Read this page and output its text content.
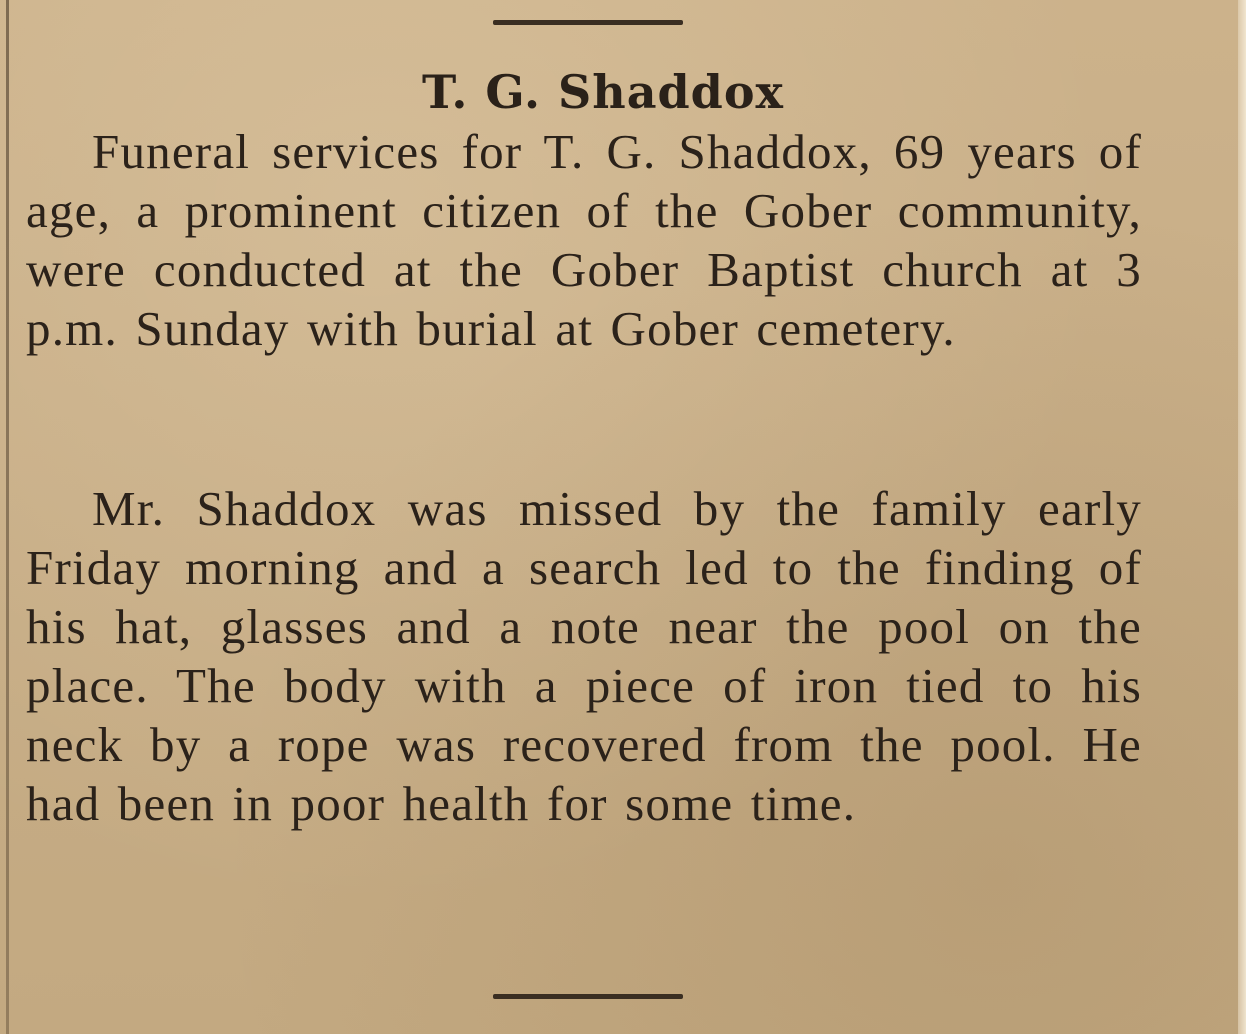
T. G. Shaddox

Funeral services for T. G. Shaddox, 69 years of age, a prominent citizen of the Gober community, were conducted at the Gober Baptist church at 3 p.m. Sunday with burial at Gober cemetery.

Mr. Shaddox was missed by the family early Friday morning and a search led to the finding of his hat, glasses and a note near the pool on the place. The body with a piece of iron tied to his neck by a rope was recovered from the pool. He had been in poor health for some time.
